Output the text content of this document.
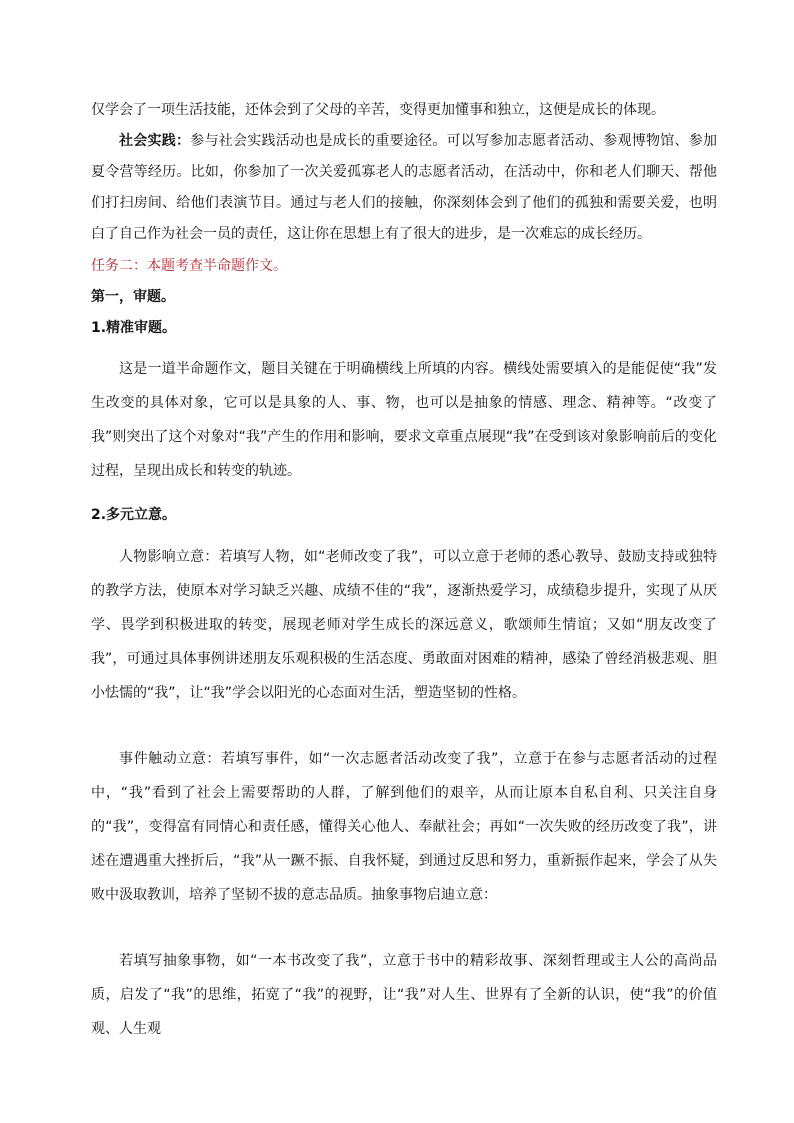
仅学会了一项生活技能，还体会到了父母的辛苦，变得更加懂事和独立，这便是成长的体现。
社会实践：参与社会实践活动也是成长的重要途径。可以写参加志愿者活动、参观博物馆、参加夏令营等经历。比如，你参加了一次关爱孤寡老人的志愿者活动，在活动中，你和老人们聊天、帮他们打扫房间、给他们表演节目。通过与老人们的接触，你深刻体会到了他们的孤独和需要关爱，也明白了自己作为社会一员的责任，这让你在思想上有了很大的进步，是一次难忘的成长经历。
任务二：本题考查半命题作文。
第一，审题。
1.精准审题。
这是一道半命题作文，题目关键在于明确横线上所填的内容。横线处需要填入的是能促使“我”发生改变的具体对象，它可以是具象的人、事、物，也可以是抽象的情感、理念、精神等。“改变了我”则突出了这个对象对“我”产生的作用和影响，要求文章重点展现“我”在受到该对象影响前后的变化过程，呈现出成长和转变的轨迹。
2.多元立意。
人物影响立意：若填写人物，如“老师改变了我”，可以立意于老师的悉心教导、鼓励支持或独特的教学方法，使原本对学习缺乏兴趣、成绩不佳的“我”，逐渐热爱学习，成绩稳步提升，实现了从厌学、畏学到积极进取的转变，展现老师对学生成长的深远意义，歌颂师生情谊；又如“朋友改变了我”，可通过具体事例讲述朋友乐观积极的生活态度、勇敢面对困难的精神，感染了曾经消极悲观、胆小怯懦的“我”，让“我”学会以阳光的心态面对生活，塑造坚韧的性格。
事件触动立意：若填写事件，如“一次志愿者活动改变了我”，立意于在参与志愿者活动的过程中，“我”看到了社会上需要帮助的人群，了解到他们的艰辛，从而让原本自私自利、只关注自身的“我”，变得富有同情心和责任感，懂得关心他人、奉献社会；再如“一次失败的经历改变了我”，讲述在遭遇重大挫折后，“我”从一蹶不振、自我怀疑，到通过反思和努力，重新振作起来，学会了从失败中汲取教训，培养了坚韧不拔的意志品质。抽象事物启迪立意：
若填写抽象事物，如“一本书改变了我”，立意于书中的精彩故事、深刻哲理或主人公的高尚品质，启发了“我”的思维，拓宽了“我”的视野，让“我”对人生、世界有了全新的认识，使“我”的价值观、人生观
